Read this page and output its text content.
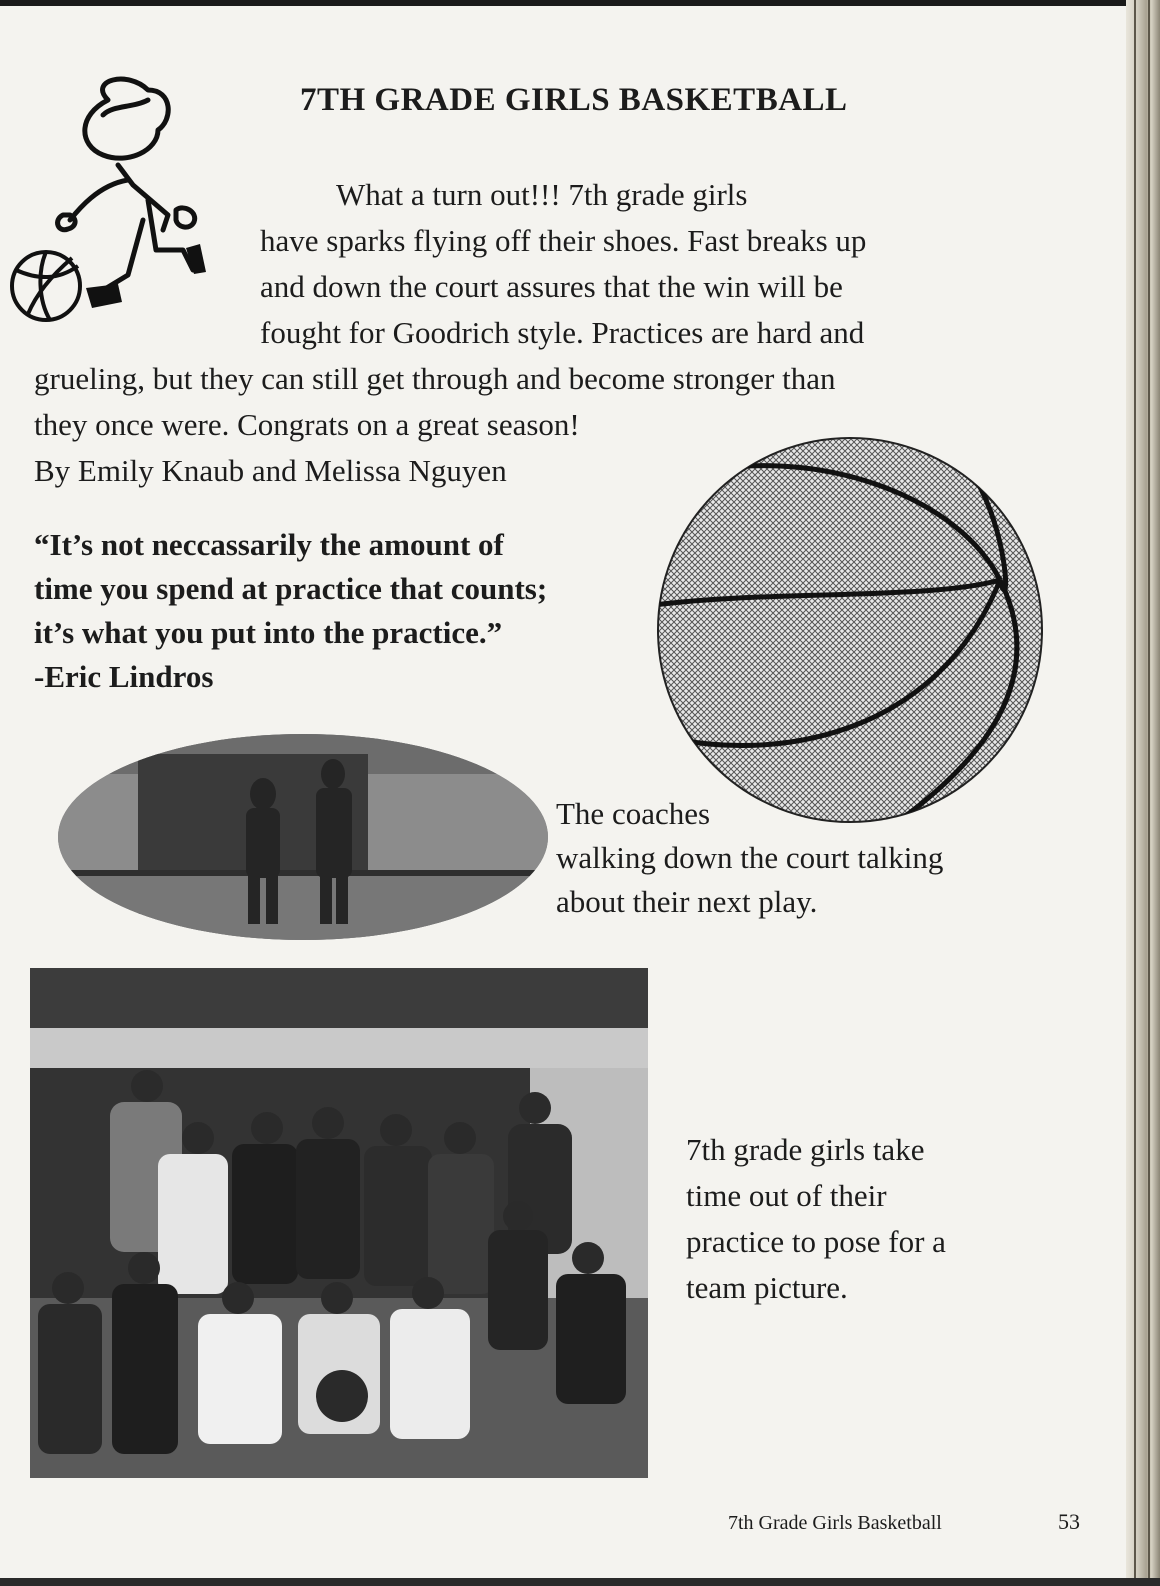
7TH GRADE GIRLS BASKETBALL
What a turn out!!! 7th grade girls
have sparks flying off their shoes. Fast breaks up
and down the court assures that the win will be
fought for Goodrich style. Practices are hard and
grueling, but they can still get through and become stronger than
they once were. Congrats on a great season!
By Emily Knaub and Melissa Nguyen
“It’s not neccassarily the amount of
time you spend at practice that counts;
it’s what you put into the practice.”
-Eric Lindros
The coaches
walking down the court talking
about their next play.
7th grade girls take
time out of their
practice to pose for a
team picture.
7th Grade Girls Basketball	53
